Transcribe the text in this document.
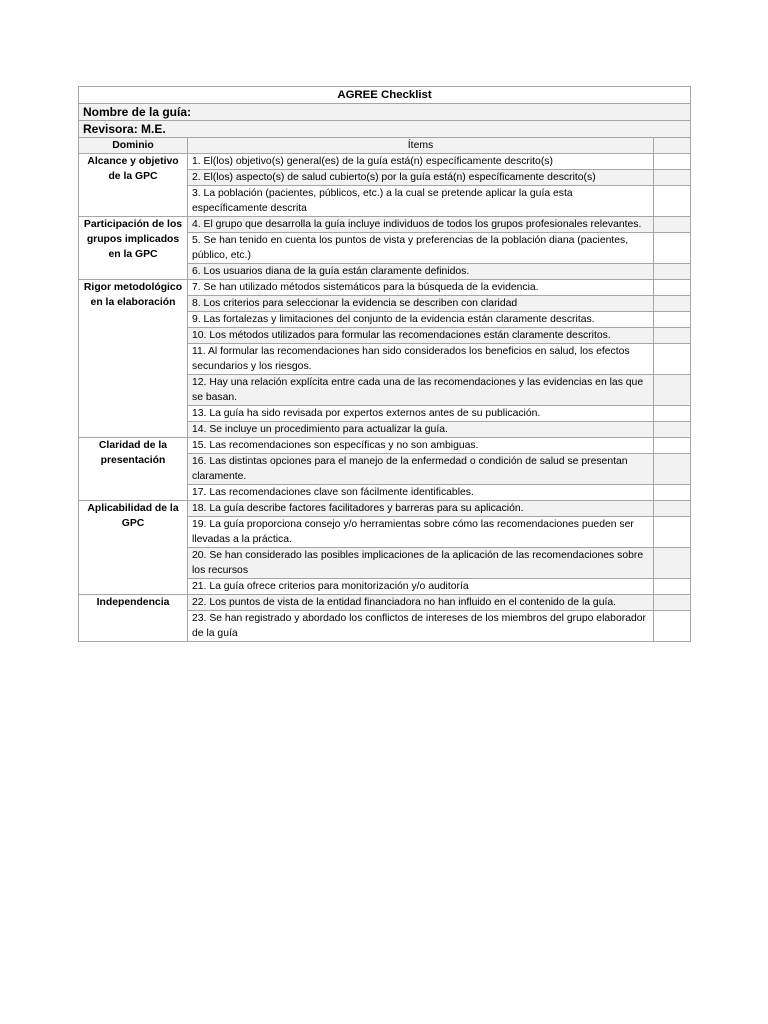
AGREE Checklist		
Nombre de la guía:		
Revisora: M.E.		
Dominio	Ítems	
Alcance y objetivo de la GPC	1. El(los) objetivo(s) general(es) de la guía está(n) específicamente descrito(s)	
	2. El(los) aspecto(s) de salud cubierto(s) por la guía está(n) específicamente descrito(s)	
	3. La población (pacientes, públicos, etc.) a la cual se pretende aplicar la guía esta específicamente descrita	
Participación de los grupos implicados en la GPC	4. El grupo que desarrolla la guía incluye individuos de todos los grupos profesionales relevantes.	
	5. Se han tenido en cuenta los puntos de vista y preferencias de la población diana (pacientes, público, etc.)	
	6. Los usuarios diana de la guía están claramente definidos.	
Rigor metodológico en la elaboración	7. Se han utilizado métodos sistemáticos para la búsqueda de la evidencia.	
	8. Los criterios para seleccionar la evidencia se describen con claridad	
	9. Las fortalezas y limitaciones del conjunto de la evidencia están claramente descritas.	
	10. Los métodos utilizados para formular las recomendaciones están claramente descritos.	
	11. Al formular las recomendaciones han sido considerados los beneficios en salud, los efectos secundarios y los riesgos.	
	12. Hay una relación explícita entre cada una de las recomendaciones y las evidencias en las que se basan.	
	13. La guía ha sido revisada por expertos externos antes de su publicación.	
	14. Se incluye un procedimiento para actualizar la guía.	
Claridad de la presentación	15. Las recomendaciones son específicas y no son ambiguas.	
	16. Las distintas opciones para el manejo de la enfermedad o condición de salud se presentan claramente.	
	17. Las recomendaciones clave son fácilmente identificables.	
Aplicabilidad de la GPC	18. La guía describe factores facilitadores y barreras para su aplicación.	
	19. La guía proporciona consejo y/o herramientas sobre cómo las recomendaciones pueden ser llevadas a la práctica.	
	20. Se han considerado las posibles implicaciones de la aplicación de las recomendaciones sobre los recursos	
	21. La guía ofrece criterios para monitorización y/o auditoría	
Independencia	22. Los puntos de vista de la entidad financiadora no han influido en el contenido de la guía.	
	23. Se han registrado y abordado los conflictos de intereses de los miembros del grupo elaborador de la guía	
